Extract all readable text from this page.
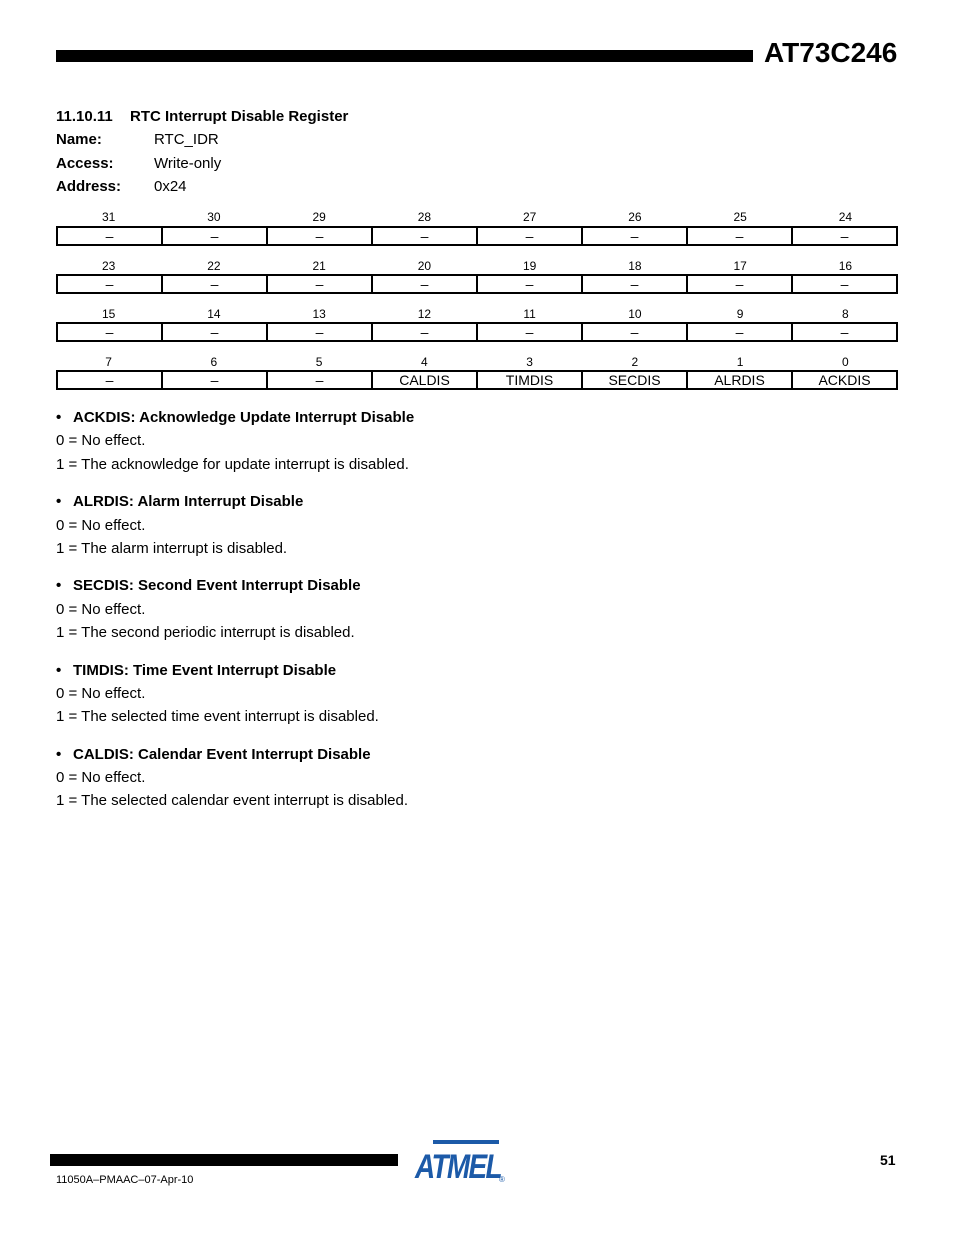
AT73C246
11.10.11 RTC Interrupt Disable Register
Name:	RTC_IDR
Access:	Write-only
Address: 0x24
31	30	29	28	27	26	25	24
–	–	–	–	–	–	–	–
23	22	21	20	19	18	17	16
–	–	–	–	–	–	–	–
15	14	13	12	11	10	9	8
–	–	–	–	–	–	–	–
7	6	5	4	3	2	1	0
–	–	–	CALDIS	TIMDIS	SECDIS	ALRDIS	ACKDIS
• ACKDIS: Acknowledge Update Interrupt Disable
0 = No effect.
1 = The acknowledge for update interrupt is disabled.
• ALRDIS: Alarm Interrupt Disable
0 = No effect.
1 = The alarm interrupt is disabled.
• SECDIS: Second Event Interrupt Disable
0 = No effect.
1 = The second periodic interrupt is disabled.
• TIMDIS: Time Event Interrupt Disable
0 = No effect.
1 = The selected time event interrupt is disabled.
• CALDIS: Calendar Event Interrupt Disable
0 = No effect.
1 = The selected calendar event interrupt is disabled.
ATMEL
®
51
11050A–PMAAC–07-Apr-10
